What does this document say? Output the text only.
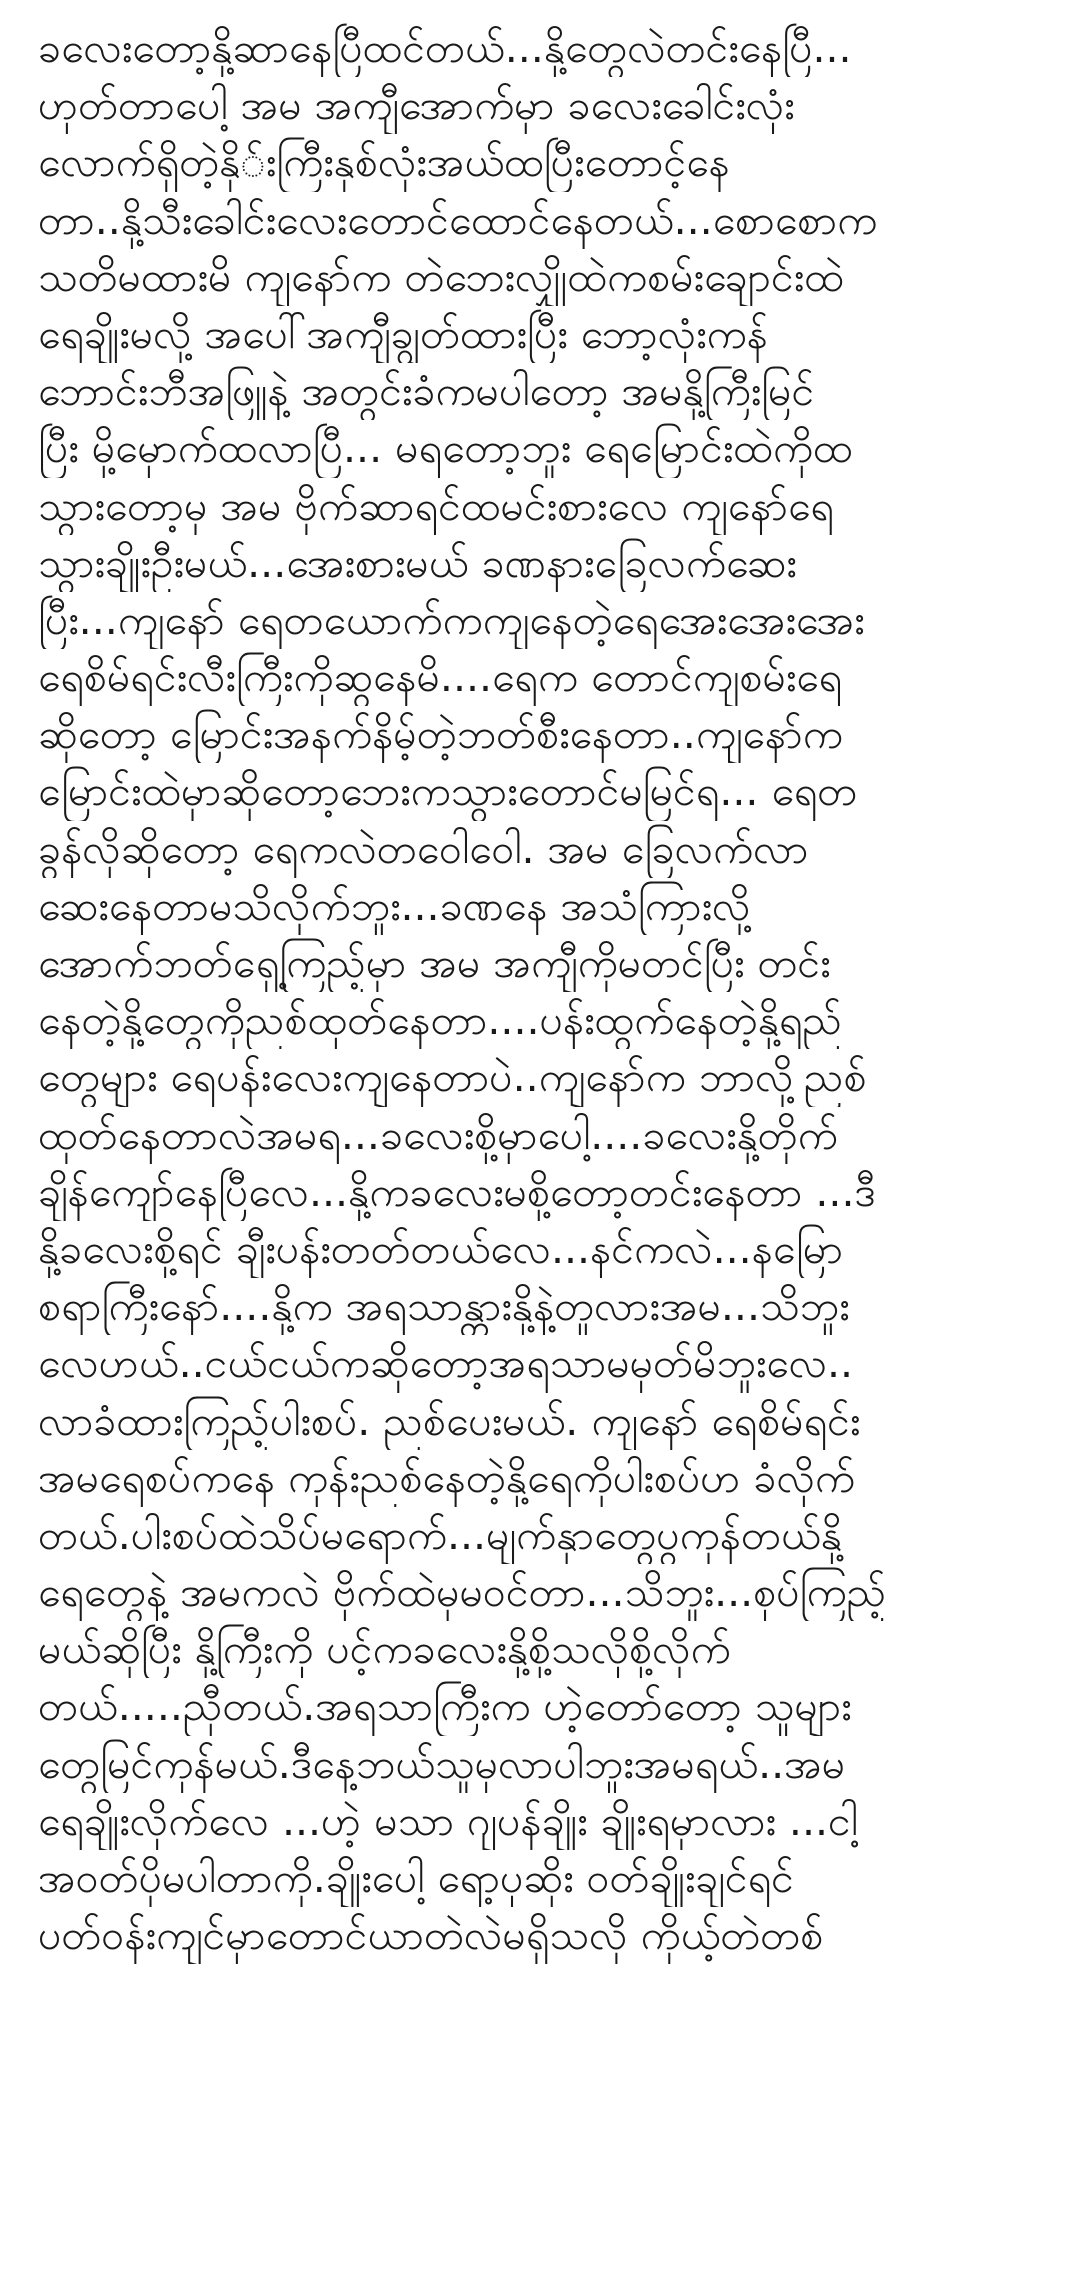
ခလေးတော့နို့ဆာနေပြီထင်တယ်...နို့တွေလဲတင်းနေပြီ...
ဟုတ်တာပေါ့ အမ အကျီအောက်မှာ ခလေးခေါင်းလုံး
လောက်ရှိတဲ့နို်းကြီးနှစ်လုံးအယ်ထပြီးတောင့်နေ
တာ..နို့သီးခေါင်းလေးတောင်ထောင်နေတယ်...စောစောက
သတိမထားမိ ကျနော်က တဲဘေးလျှိုထဲကစမ်းချောင်းထဲ
ရေချိုးမလို့ အပေါ်အကျီချွတ်ထားပြီး ဘော့လုံးကန်
ဘောင်းဘီအဖြူနဲ့ အတွင်းခံကမပါတော့ အမနို့ကြီးမြင်
ပြီး မို့မှောက်ထလာပြီ... မရတော့ဘူး ရေမြောင်းထဲကိုထ
သွားတော့မှ အမ ဗိုက်ဆာရင်ထမင်းစားလေ ကျနော်ရေ
သွားချိုးဦးမယ်...အေးစားမယ် ခဏနားခြေလက်ဆေး
ပြီး...ကျနော် ရေတယောက်ကကျနေတဲ့ရေအေးအေးအေး
ရေစိမ်ရင်းလီးကြီးကိုဆွနေမိ....ရေက တောင်ကျစမ်းရေ
ဆိုတော့ မြောင်းအနက်နိမ့်တဲ့ဘတ်စီးနေတာ..ကျနော်က
မြောင်းထဲမှာဆိုတော့ဘေးကသွားတောင်မမြင်ရ... ရေတ
ခွန်လိုဆိုတော့ ရေကလဲတဝေါဝေါ. အမ ခြေလက်လာ
ဆေးနေတာမသိလိုက်ဘူး...ခဏနေ အသံကြားလို့
အောက်ဘတ်ရှေ့ကြည့်မှာ အမ အကျီကိုမတင်ပြီး တင်း
နေတဲ့နို့တွေကိုညစ်ထုတ်နေတာ....ပန်းထွက်နေတဲ့နို့ရည်
တွေများ ရေပန်းလေးကျနေတာပဲ..ကျနော်က ဘာလို့ညစ်
ထုတ်နေတာလဲအမရ...ခလေးစို့မှာပေါ့....ခလေးနို့တိုက်
ချိန်ကျော်နေပြီလေ...နို့ကခလေးမစို့တော့တင်းနေတာ ...ဒီ
နို့ခလေးစို့ရင် ချီးပန်းတတ်တယ်လေ...နင်ကလဲ...နမြော
စရာကြီးနော်....နို့က အရသာန္တားနို့နဲ့တူလားအမ...သိဘူး
လေဟယ်..ငယ်ငယ်ကဆိုတော့အရသာမမှတ်မိဘူးလေ..
လာခံထားကြည့်ပါးစပ်. ညစ်ပေးမယ်. ကျနော် ရေစိမ်ရင်း
အမရေစပ်ကနေ ကုန်းညစ်နေတဲ့နို့ရေကိုပါးစပ်ဟ ခံလိုက်
တယ်.ပါးစပ်ထဲသိပ်မရောက်...မျက်နှာတွေပွကုန်တယ်နို့
ရေတွေနဲ့ အမကလဲ ဗိုက်ထဲမှမဝင်တာ...သိဘူး...စုပ်ကြည့်
မယ်ဆိုပြီး နို့ကြီးကို ပင့်ကခလေးနို့စို့သလိုစို့လိုက်
တယ်.....ညှီတယ်.အရသာကြီးက ဟဲ့တော်တော့ သူများ
တွေမြင်ကုန်မယ်.ဒီနေ့ဘယ်သူမှလာပါဘူးအမရယ်..အမ
ရေချိုးလိုက်လေ ...ဟဲ့ မသာ ဂျပန်ချိုး ချိုးရမှာလား ...ငါ့
အဝတ်ပိုမပါတာကို.ချိုးပေါ့ ရော့ပုဆိုး ဝတ်ချိုးချင်ရင်
ပတ်ဝန်းကျင်မှာတောင်ယာတဲလဲမရှိသလို ကိုယ့်တဲတစ်
